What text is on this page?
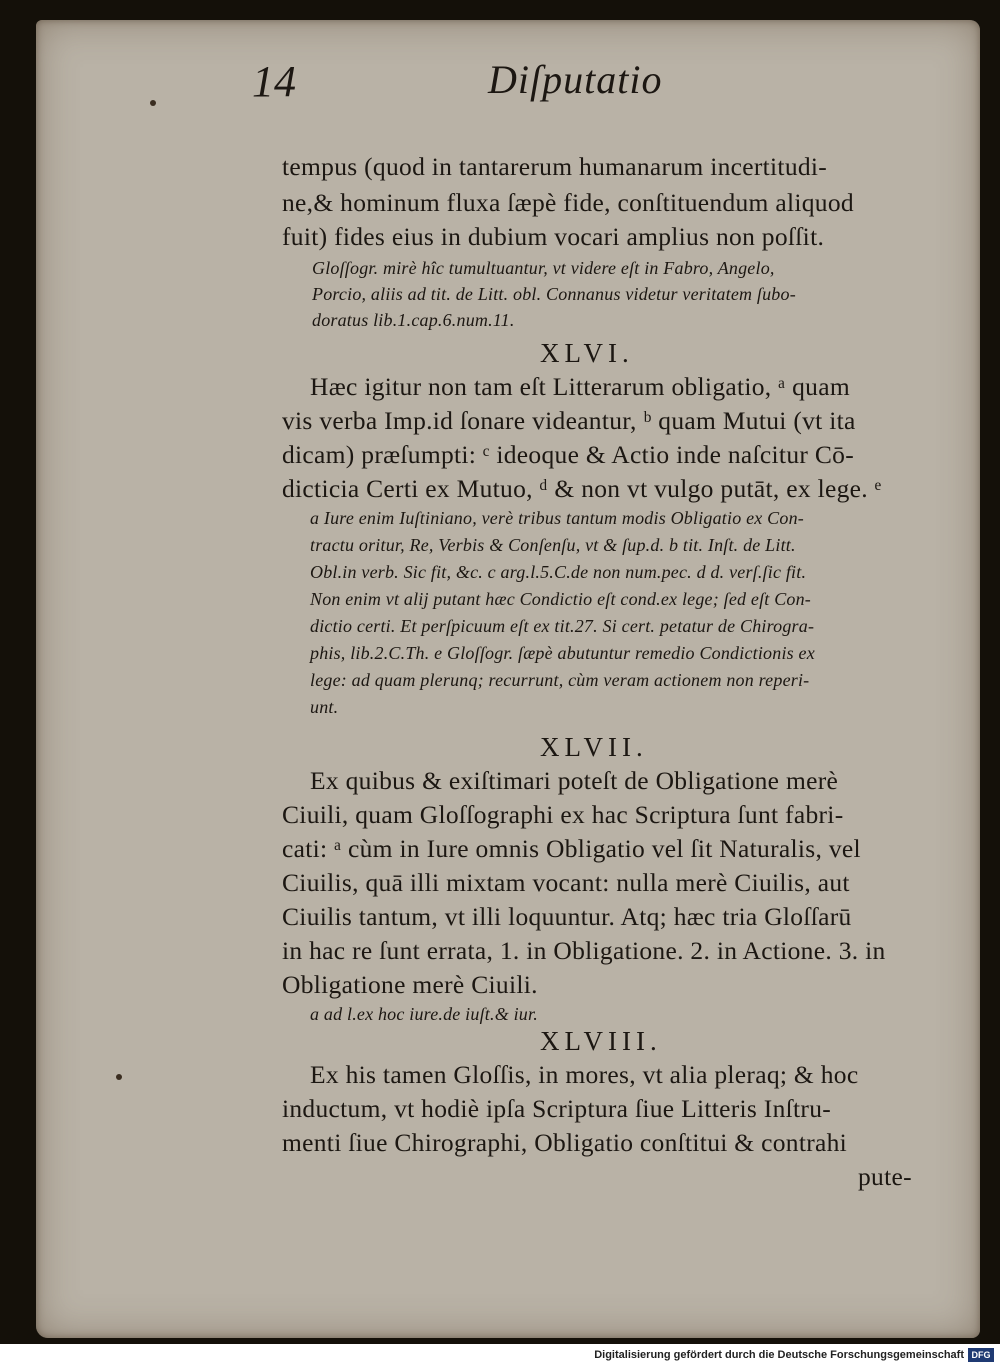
14	Diſputatio
tempus (quod in tantarerum humanarum incertitudi-
ne,& hominum fluxa ſæpè fide, conſtituendum aliquod
fuit) fides eius in dubium vocari amplius non poſſit.
Gloſſogr. mirè hîc tumultuantur, vt videre eſt in Fabro, Angelo,
Porcio, aliis ad tit. de Litt. obl. Connanus videtur veritatem ſubo-
doratus lib.1.cap.6.num.11.
XLVI.
Hæc igitur non tam eſt Litterarum obligatio, ᵃ quam
vis verba Imp.id ſonare videantur, ᵇ quam Mutui (vt ita
dicam) præſumpti: ᶜ ideoque & Actio inde naſcitur Cō-
dicticia Certi ex Mutuo, ᵈ & non vt vulgo putāt, ex lege. ᵉ
a Iure enim Iuſtiniano, verè tribus tantum modis Obligatio ex Con-
tractu oritur, Re, Verbis & Conſenſu, vt & ſup.d. b tit. Inſt. de Litt.
Obl.in verb. Sic fit, &c. c arg.l.5.C.de non num.pec. d d. verſ.ſic fit.
Non enim vt alij putant hæc Condictio eſt cond.ex lege; ſed eſt Con-
dictio certi. Et perſpicuum eſt ex tit.27. Si cert. petatur de Chirogra-
phis, lib.2.C.Th. e Gloſſogr. ſæpè abutuntur remedio Condictionis ex
lege: ad quam plerunq; recurrunt, cùm veram actionem non reperi-
unt.
XLVII.
Ex quibus & exiſtimari poteſt de Obligatione merè
Ciuili, quam Gloſſographi ex hac Scriptura ſunt fabri-
cati: ᵃ cùm in Iure omnis Obligatio vel ſit Naturalis, vel
Ciuilis, quā illi mixtam vocant: nulla merè Ciuilis, aut
Ciuilis tantum, vt illi loquuntur. Atq; hæc tria Gloſſarū
in hac re ſunt errata, 1. in Obligatione. 2. in Actione. 3. in
Obligatione merè Ciuili.
a ad l.ex hoc iure.de iuſt.& iur.
XLVIII.
Ex his tamen Gloſſis, in mores, vt alia pleraq; & hoc
inductum, vt hodiè ipſa Scriptura ſiue Litteris Inſtru-
menti ſiue Chirographi, Obligatio conſtitui & contrahi
pute-
Digitalisierung gefördert durch die Deutsche Forschungsgemeinschaft DFG
